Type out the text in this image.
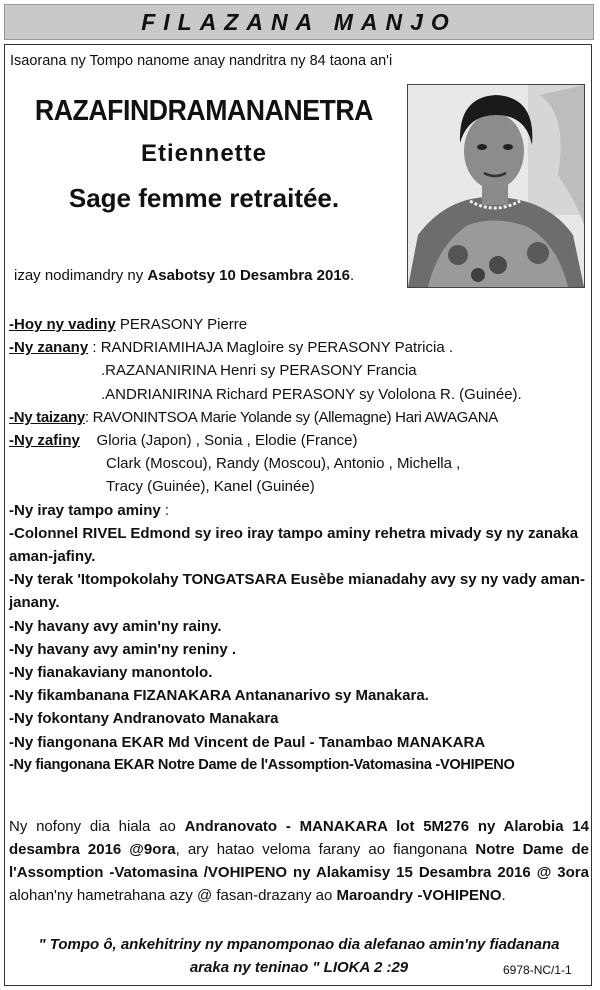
FILAZANA MANJO
Isaorana ny Tompo nanome anay nandritra ny 84 taona an'i
RAZAFINDRAMANANETRA
Etiennette
Sage femme retraitée.
izay nodimandry ny Asabotsy 10 Desambra 2016.
-Hoy ny vadiny PERASONY Pierre
-Ny zanany : RANDRIAMIHAJA Magloire sy PERASONY Patricia .
.RAZANANIRINA Henri sy PERASONY Francia
.ANDRIANIRINA Richard PERASONY sy Vololona R. (Guinée).
-Ny taizany: RAVONINTSOA Marie Yolande sy (Allemagne) Hari AWAGANA
-Ny zafiny    Gloria (Japon) , Sonia , Elodie (France)
Clark (Moscou), Randy (Moscou), Antonio , Michella ,
Tracy (Guinée), Kanel (Guinée)
-Ny iray tampo aminy :
-Colonnel RIVEL Edmond sy ireo iray tampo aminy rehetra mivady sy ny zanaka aman-jafiny.
-Ny terak 'Itompokolahy TONGATSARA Eusèbe mianadahy avy sy ny vady aman-janany.
-Ny havany avy amin'ny rainy.
-Ny havany avy amin'ny reniny .
-Ny fianakaviany manontolo.
-Ny fikambanana FIZANAKARA Antananarivo sy Manakara.
-Ny fokontany Andranovato Manakara
-Ny fiangonana EKAR Md Vincent de Paul - Tanambao MANAKARA
-Ny fiangonana EKAR Notre Dame de l'Assomption-Vatomasina -VOHIPENO
Ny nofony dia hiala ao Andranovato - MANAKARA lot 5M276 ny Alarobia 14 desambra 2016 @9ora, ary hatao veloma farany ao fiangonana Notre Dame de l'Assomption -Vatomasina /VOHIPENO ny Alakamisy 15 Desambra 2016 @ 3ora alohan'ny hametrahana azy @ fasan-drazany ao Maroandry -VOHIPENO.
" Tompo ô, ankehitriny ny mpanomponao dia alefanao amin'ny fiadanana
araka ny teninao " LIOKA 2 :29	6978-NC/1-1
